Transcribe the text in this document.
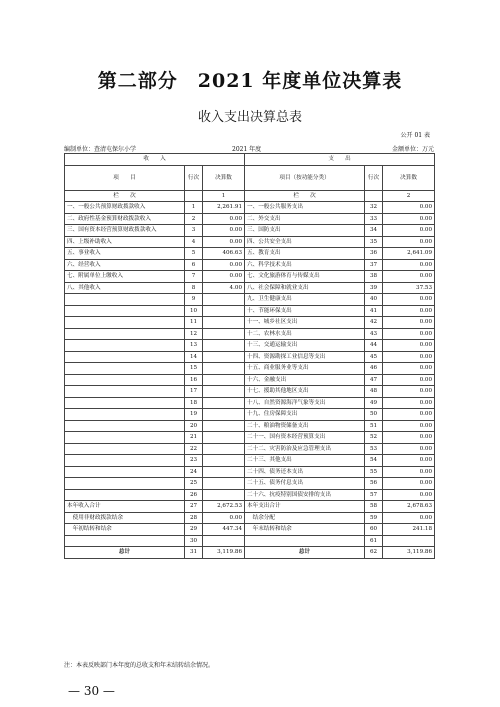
第二部分　2021 年度单位决算表
收入支出决算总表
公开 01 表
编制单位：查清屯保尔小学	2021 年度	金额单位：万元
收　　入			支　　出		
项　　目	行次	决算数	项目（按功能分类）	行次	决算数
栏　　次		1	栏　　次		2
一、一般公共预算财政拨款收入	1	2,261.91	一、一般公共服务支出	32	0.00
二、政府性基金预算财政拨款收入	2	0.00	二、外交支出	33	0.00
三、国有资本经营预算财政拨款收入	3	0.00	三、国防支出	34	0.00
四、上级补助收入	4	0.00	四、公共安全支出	35	0.00
五、事业收入	5	406.63	五、教育支出	36	2,641.09
六、经营收入	6	0.00	六、科学技术支出	37	0.00
七、附属单位上缴收入	7	0.00	七、文化旅游体育与传媒支出	38	0.00
八、其他收入	8	4.00	八、社会保障和就业支出	39	37.53
	9		九、卫生健康支出	40	0.00
	10		十、节能环保支出	41	0.00
	11		十一、城乡社区支出	42	0.00
	12		十二、农林水支出	43	0.00
	13		十三、交通运输支出	44	0.00
	14		十四、资源勘探工业信息等支出	45	0.00
	15		十五、商业服务业等支出	46	0.00
	16		十六、金融支出	47	0.00
	17		十七、援助其他地区支出	48	0.00
	18		十八、自然资源海洋气象等支出	49	0.00
	19		十九、住房保障支出	50	0.00
	20		二十、粮油物资储备支出	51	0.00
	21		二十一、国有资本经营预算支出	52	0.00
	22		二十二、灾害防治及应急管理支出	53	0.00
	23		二十三、其他支出	54	0.00
	24		二十四、债务还本支出	55	0.00
	25		二十五、债务付息支出	56	0.00
	26		二十六、抗疫特别国债安排的支出	57	0.00
本年收入合计	27	2,672.53	本年支出合计	58	2,678.63
　使用非财政拨款结余	28	0.00	　结余分配	59	0.00
　年初结转和结余	29	447.34	　年末结转和结余	60	241.18
	30			61	
总计	31	3,119.86	总计	62	3,119.86
注：本表反映部门本年度的总收支和年末结转结余情况。
— 30 —
